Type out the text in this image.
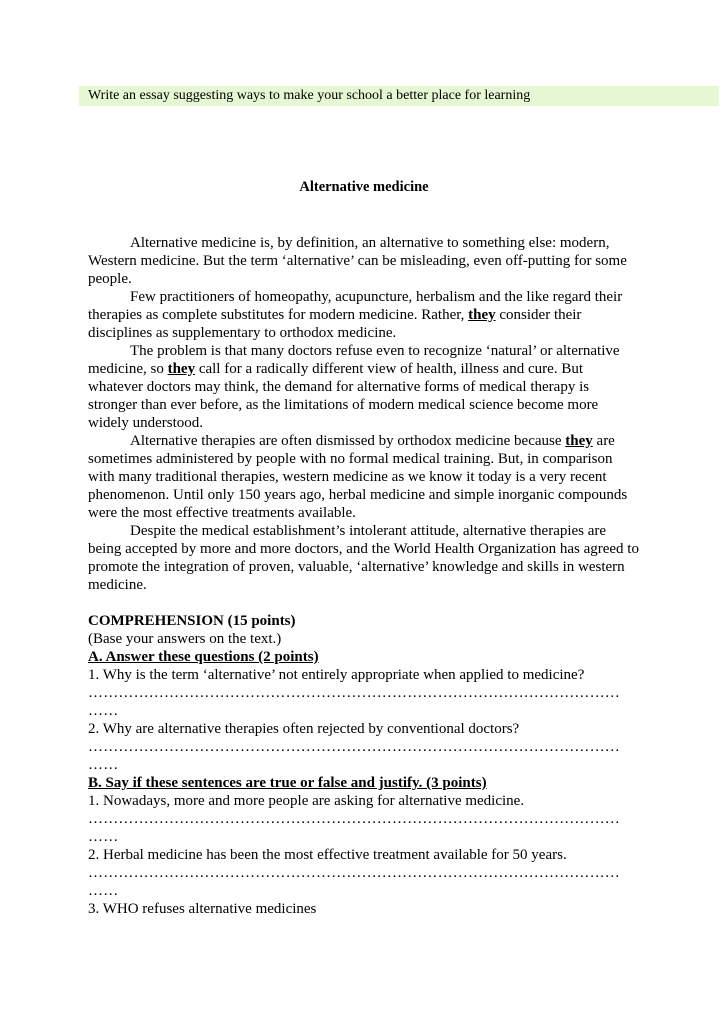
Write an essay suggesting ways to make your school a better place for learning
Alternative medicine

Alternative medicine is, by definition, an alternative to something else: modern, Western medicine. But the term ‘alternative’ can be misleading, even off-putting for some people.

Few practitioners of homeopathy, acupuncture, herbalism and the like regard their therapies as complete substitutes for modern medicine. Rather, they consider their disciplines as supplementary to orthodox medicine.

The problem is that many doctors refuse even to recognize ‘natural’ or alternative medicine, so they call for a radically different view of health, illness and cure. But whatever doctors may think, the demand for alternative forms of medical therapy is stronger than ever before, as the limitations of modern medical science become more widely understood.

Alternative therapies are often dismissed by orthodox medicine because they are sometimes administered by people with no formal medical training. But, in comparison with many traditional therapies, western medicine as we know it today is a very recent phenomenon. Until only 150 years ago, herbal medicine and simple inorganic compounds were the most effective treatments available.

Despite the medical establishment’s intolerant attitude, alternative therapies are being accepted by more and more doctors, and the World Health Organization has agreed to promote the integration of proven, valuable, ‘alternative’ knowledge and skills in western medicine.

COMPREHENSION (15 points)

(Base your answers on the text.)

A. Answer these questions (2 points)

1. Why is the term ‘alternative’ not entirely appropriate when applied to medicine?

……………………………………………………………………………………………

……

2. Why are alternative therapies often rejected by conventional doctors?

……………………………………………………………………………………………

……

B. Say if these sentences are true or false and justify. (3 points)

1. Nowadays, more and more people are asking for alternative medicine.

……………………………………………………………………………………………

……

2. Herbal medicine has been the most effective treatment available for 50 years.

……………………………………………………………………………………………

……

3. WHO refuses alternative medicines
